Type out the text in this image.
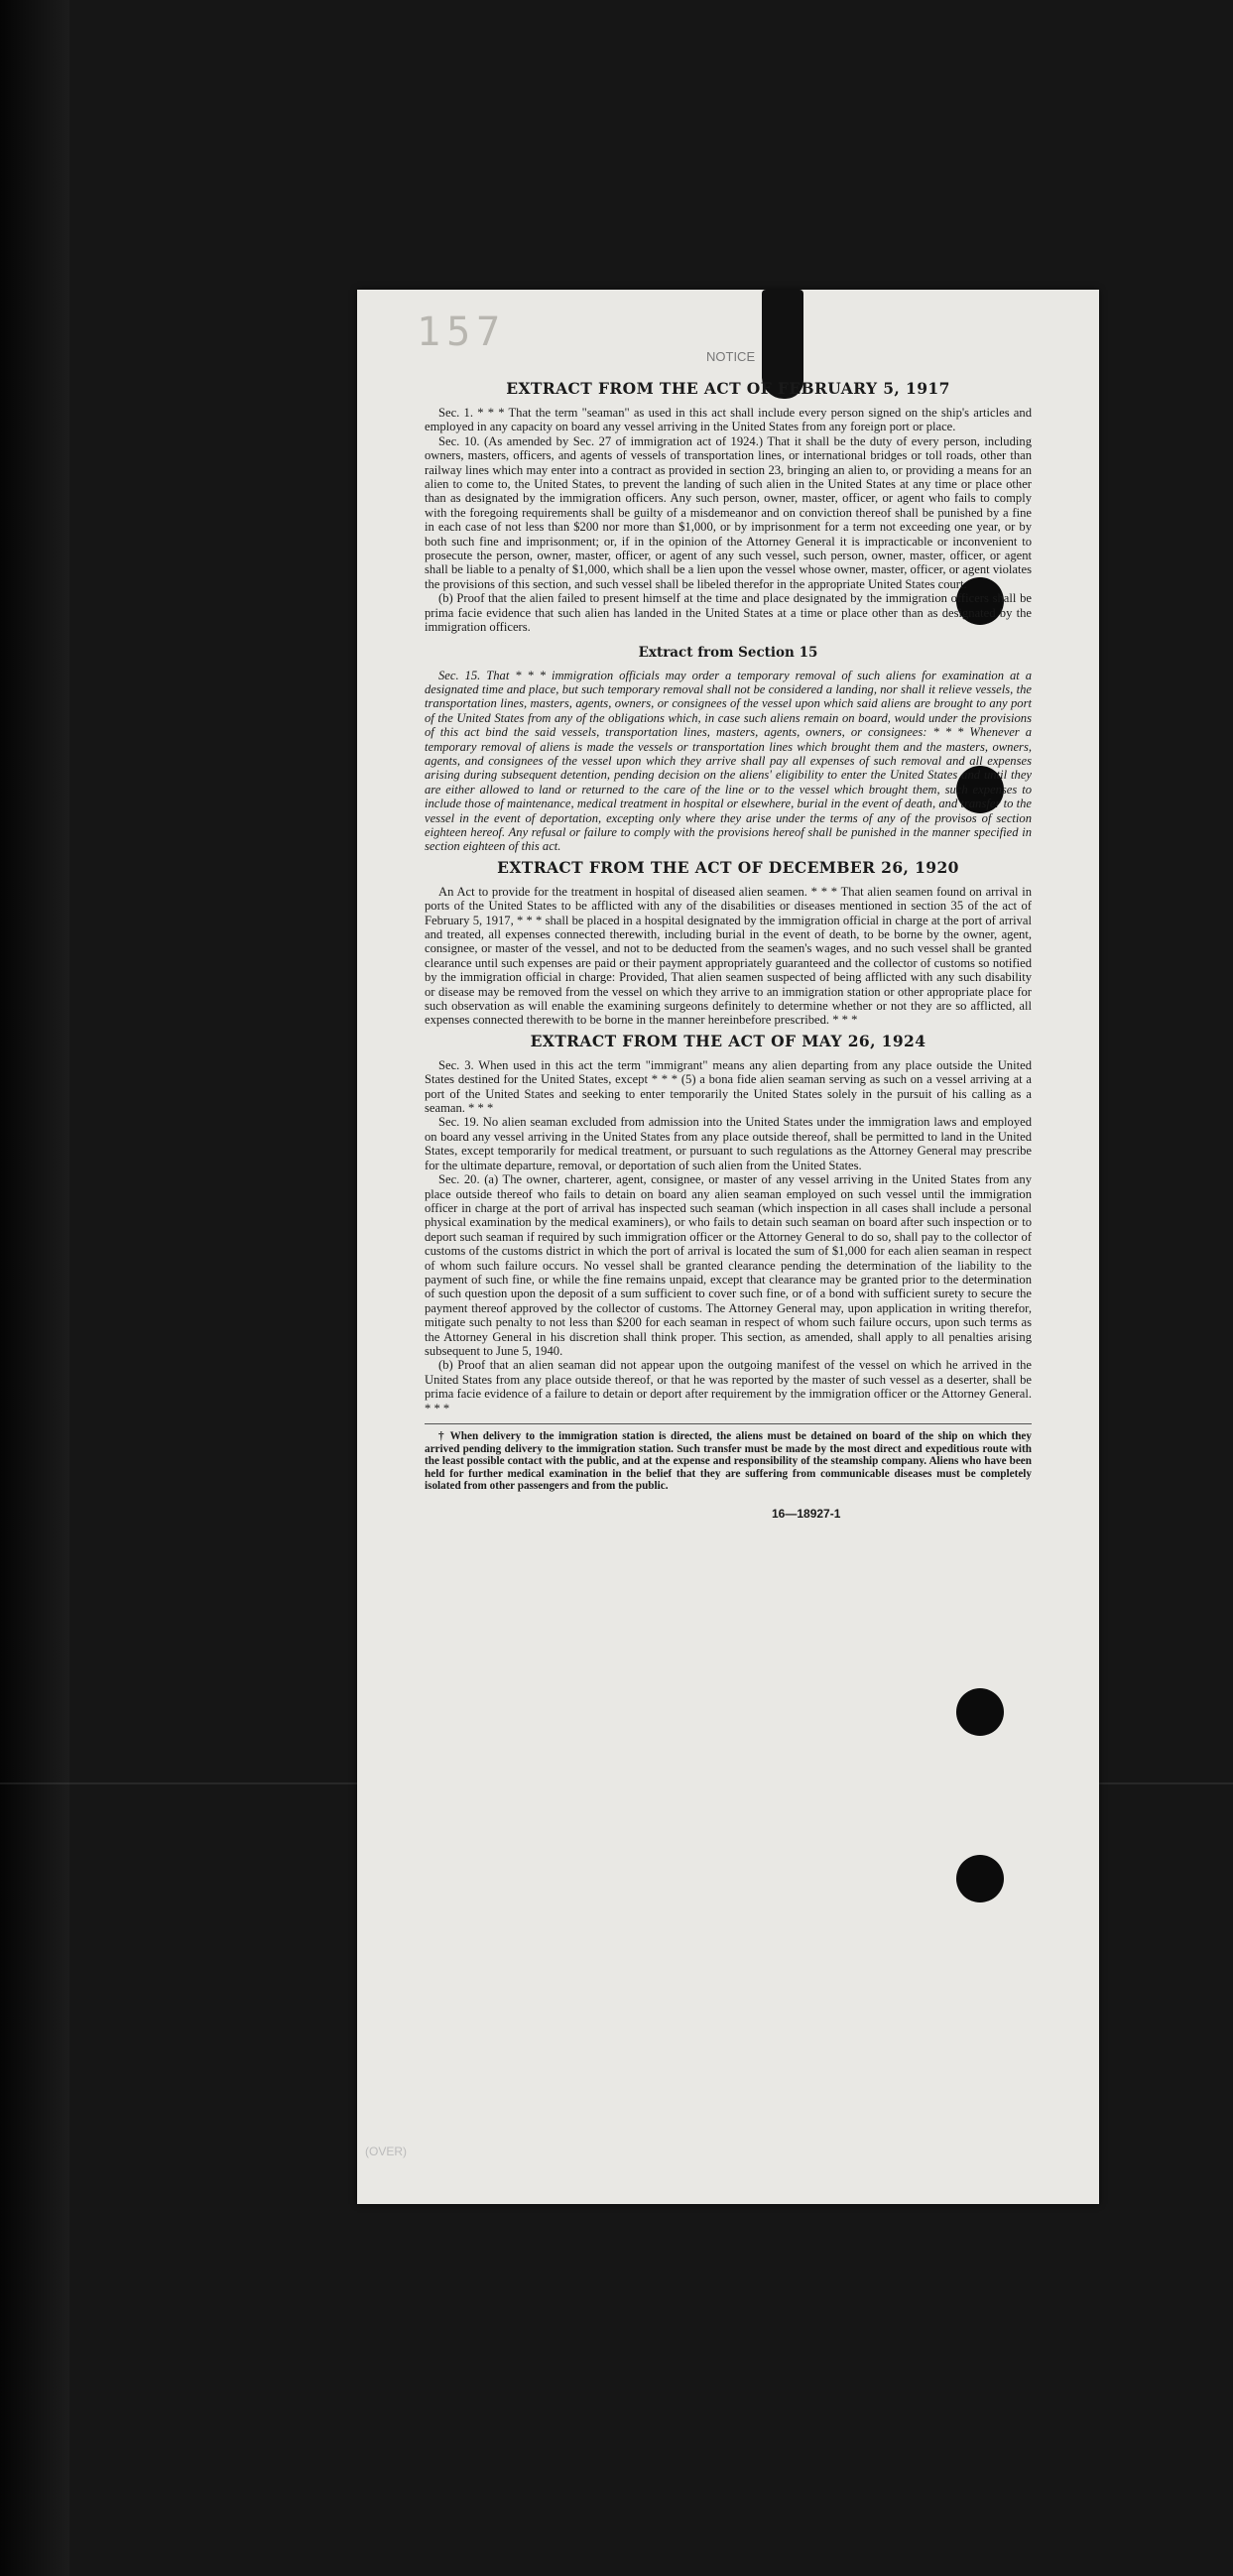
157
NOTICE
EXTRACT FROM THE ACT OF FEBRUARY 5, 1917

Sec. 1. * * * That the term "seaman" as used in this act shall include every person signed on the ship's articles and employed in any capacity on board any vessel arriving in the United States from any foreign port or place.

Sec. 10. (As amended by Sec. 27 of immigration act of 1924.) That it shall be the duty of every person, including owners, masters, officers, and agents of vessels of transportation lines, or international bridges or toll roads, other than railway lines which may enter into a contract as provided in section 23, bringing an alien to, or providing a means for an alien to come to, the United States, to prevent the landing of such alien in the United States at any time or place other than as designated by the immigration officers. Any such person, owner, master, officer, or agent who fails to comply with the foregoing requirements shall be guilty of a misdemeanor and on conviction thereof shall be punished by a fine in each case of not less than $200 nor more than $1,000, or by imprisonment for a term not exceeding one year, or by both such fine and imprisonment; or, if in the opinion of the Attorney General it is impracticable or inconvenient to prosecute the person, owner, master, officer, or agent of any such vessel, such person, owner, master, officer, or agent shall be liable to a penalty of $1,000, which shall be a lien upon the vessel whose owner, master, officer, or agent violates the provisions of this section, and such vessel shall be libeled therefor in the appropriate United States court.

(b) Proof that the alien failed to present himself at the time and place designated by the immigration officers shall be prima facie evidence that such alien has landed in the United States at a time or place other than as designated by the immigration officers.

Extract from Section 15

Sec. 15. That * * * immigration officials may order a temporary removal of such aliens for examination at a designated time and place, but such temporary removal shall not be considered a landing, nor shall it relieve vessels, the transportation lines, masters, agents, owners, or consignees of the vessel upon which said aliens are brought to any port of the United States from any of the obligations which, in case such aliens remain on board, would under the provisions of this act bind the said vessels, transportation lines, masters, agents, owners, or consignees: * * * Whenever a temporary removal of aliens is made the vessels or transportation lines which brought them and the masters, owners, agents, and consignees of the vessel upon which they arrive shall pay all expenses of such removal and all expenses arising during subsequent detention, pending decision on the aliens' eligibility to enter the United States and until they are either allowed to land or returned to the care of the line or to the vessel which brought them, such expenses to include those of maintenance, medical treatment in hospital or elsewhere, burial in the event of death, and transfer to the vessel in the event of deportation, excepting only where they arise under the terms of any of the provisos of section eighteen hereof. Any refusal or failure to comply with the provisions hereof shall be punished in the manner specified in section eighteen of this act.

EXTRACT FROM THE ACT OF DECEMBER 26, 1920

An Act to provide for the treatment in hospital of diseased alien seamen. * * * That alien seamen found on arrival in ports of the United States to be afflicted with any of the disabilities or diseases mentioned in section 35 of the act of February 5, 1917, * * * shall be placed in a hospital designated by the immigration official in charge at the port of arrival and treated, all expenses connected therewith, including burial in the event of death, to be borne by the owner, agent, consignee, or master of the vessel, and not to be deducted from the seamen's wages, and no such vessel shall be granted clearance until such expenses are paid or their payment appropriately guaranteed and the collector of customs so notified by the immigration official in charge: Provided, That alien seamen suspected of being afflicted with any such disability or disease may be removed from the vessel on which they arrive to an immigration station or other appropriate place for such observation as will enable the examining surgeons definitely to determine whether or not they are so afflicted, all expenses connected therewith to be borne in the manner hereinbefore prescribed. * * *

EXTRACT FROM THE ACT OF MAY 26, 1924

Sec. 3. When used in this act the term "immigrant" means any alien departing from any place outside the United States destined for the United States, except * * * (5) a bona fide alien seaman serving as such on a vessel arriving at a port of the United States and seeking to enter temporarily the United States solely in the pursuit of his calling as a seaman. * * *

Sec. 19. No alien seaman excluded from admission into the United States under the immigration laws and employed on board any vessel arriving in the United States from any place outside thereof, shall be permitted to land in the United States, except temporarily for medical treatment, or pursuant to such regulations as the Attorney General may prescribe for the ultimate departure, removal, or deportation of such alien from the United States.

Sec. 20. (a) The owner, charterer, agent, consignee, or master of any vessel arriving in the United States from any place outside thereof who fails to detain on board any alien seaman employed on such vessel until the immigration officer in charge at the port of arrival has inspected such seaman (which inspection in all cases shall include a personal physical examination by the medical examiners), or who fails to detain such seaman on board after such inspection or to deport such seaman if required by such immigration officer or the Attorney General to do so, shall pay to the collector of customs of the customs district in which the port of arrival is located the sum of $1,000 for each alien seaman in respect of whom such failure occurs. No vessel shall be granted clearance pending the determination of the liability to the payment of such fine, or while the fine remains unpaid, except that clearance may be granted prior to the determination of such question upon the deposit of a sum sufficient to cover such fine, or of a bond with sufficient surety to secure the payment thereof approved by the collector of customs. The Attorney General may, upon application in writing therefor, mitigate such penalty to not less than $200 for each seaman in respect of whom such failure occurs, upon such terms as the Attorney General in his discretion shall think proper. This section, as amended, shall apply to all penalties arising subsequent to June 5, 1940.

(b) Proof that an alien seaman did not appear upon the outgoing manifest of the vessel on which he arrived in the United States from any place outside thereof, or that he was reported by the master of such vessel as a deserter, shall be prima facie evidence of a failure to detain or deport after requirement by the immigration officer or the Attorney General. * * *

† When delivery to the immigration station is directed, the aliens must be detained on board of the ship on which they arrived pending delivery to the immigration station. Such transfer must be made by the most direct and expeditious route with the least possible contact with the public, and at the expense and responsibility of the steamship company. Aliens who have been held for further medical examination in the belief that they are suffering from communicable diseases must be completely isolated from other passengers and from the public.

16—18927-1
(OVER)
